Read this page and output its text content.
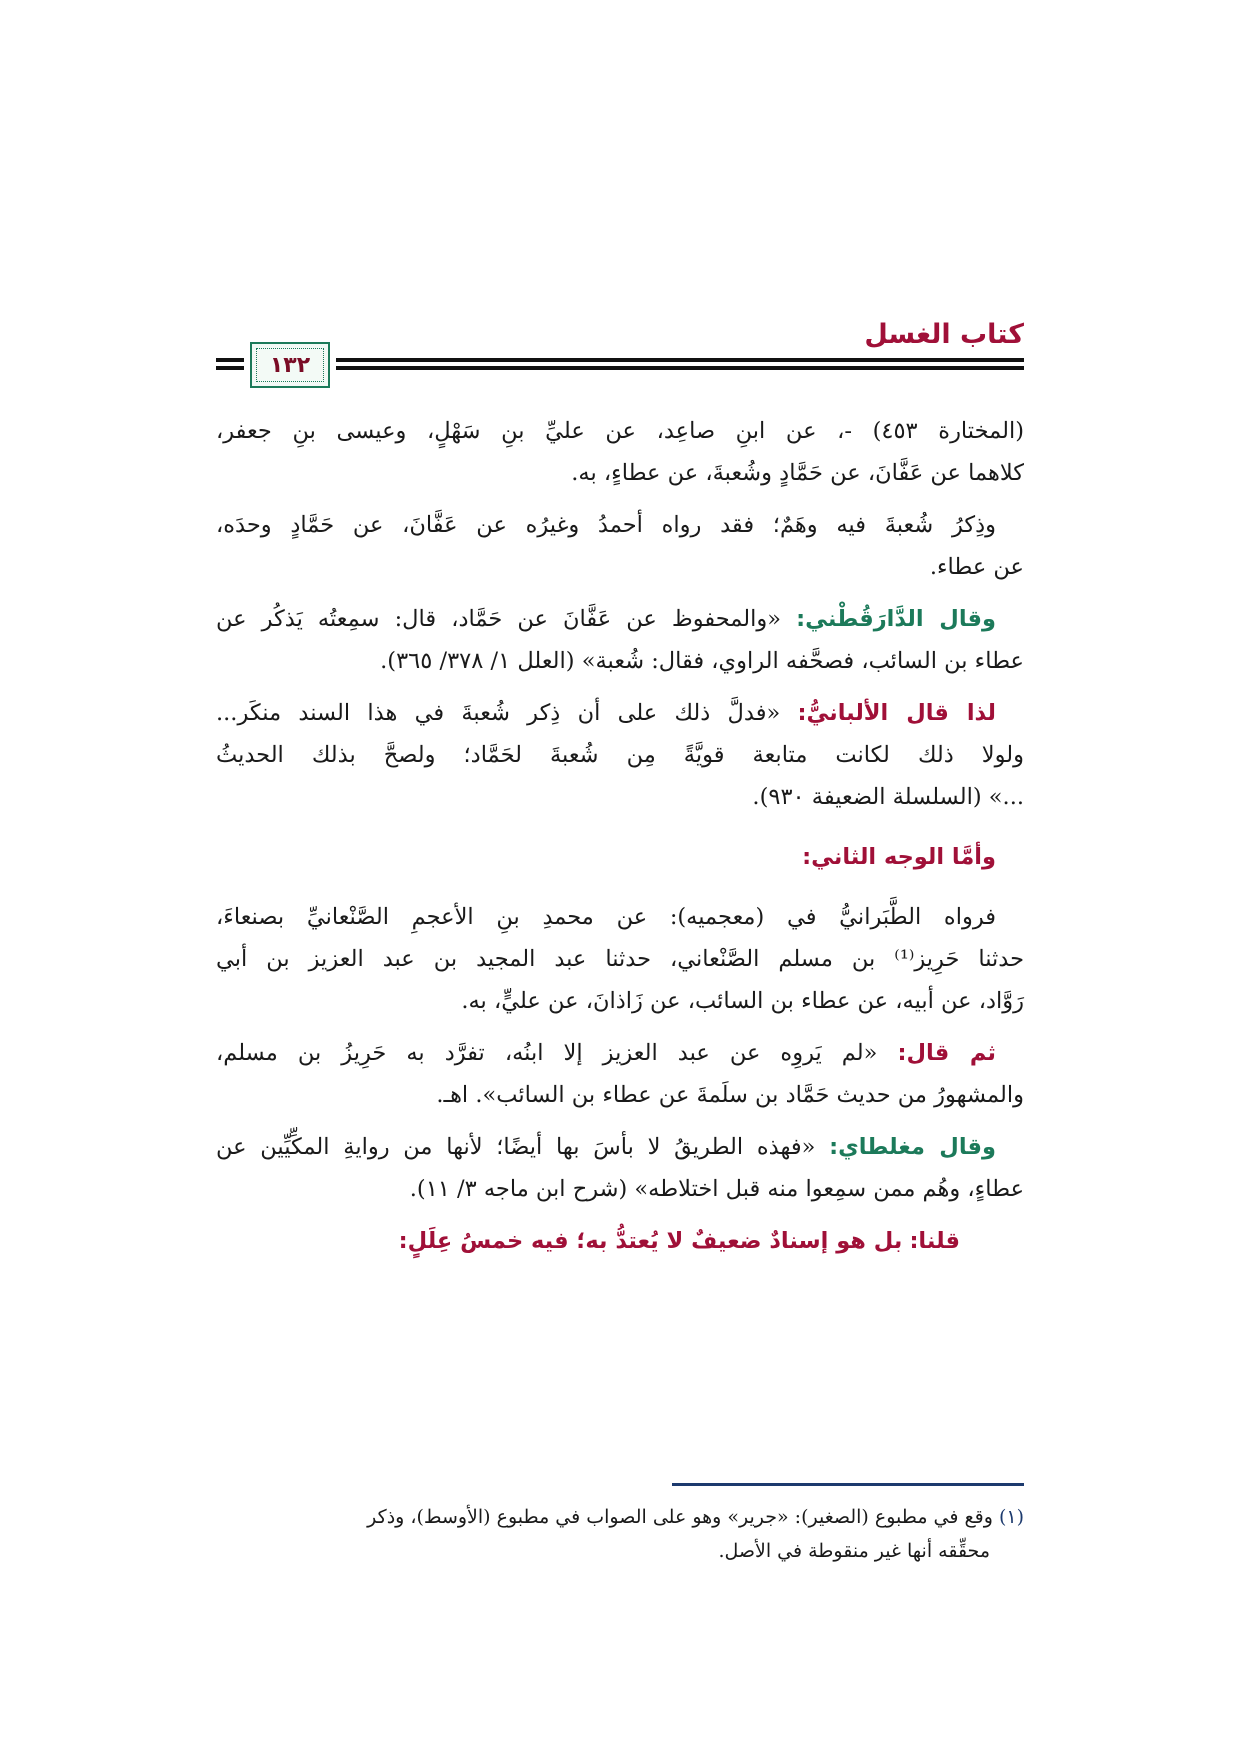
كتاب الغسل
١٣٢
(المختارة ٤٥٣) -، عن ابنِ صاعِد، عن عليِّ بنِ سَهْلٍ، وعيسى بنِ جعفر،
كلاهما عن عَفَّانَ، عن حَمَّادٍ وشُعبةَ، عن عطاءٍ، به.
وذِكرُ شُعبةَ فيه وهَمٌ؛ فقد رواه أحمدُ وغيرُه عن عَفَّانَ، عن حَمَّادٍ وحدَه،
عن عطاء.
وقال الدَّارَقُطْني: «والمحفوظ عن عَفَّانَ عن حَمَّاد، قال: سمِعتُه يَذكُر عن
عطاء بن السائب، فصحَّفه الراوي، فقال: شُعبة» (العلل ١/ ٣٧٨/ ٣٦٥).
لذا قال الألبانيُّ: «فدلَّ ذلك على أن ذِكر شُعبةَ في هذا السند منكَر...
ولولا ذلك لكانت متابعة قويَّةً مِن شُعبةَ لحَمَّاد؛ ولصحَّ بذلك الحديثُ
...» (السلسلة الضعيفة ٩٣٠).
وأمَّا الوجه الثاني:
فرواه الطَّبَرانيُّ في (معجميه): عن محمدِ بنِ الأعجمِ الصَّنْعانيِّ بصنعاءَ،
حدثنا حَرِيز⁽¹⁾ بن مسلم الصَّنْعاني، حدثنا عبد المجيد بن عبد العزيز بن أبي
رَوَّاد، عن أبيه، عن عطاء بن السائب، عن زَاذانَ، عن عليٍّ، به.
ثم قال: «لم يَروِه عن عبد العزيز إلا ابنُه، تفرَّد به حَرِيزُ بن مسلم،
والمشهورُ من حديث حَمَّاد بن سلَمةَ عن عطاء بن السائب». اهـ.
وقال مغلطاي: «فهذه الطريقُ لا بأسَ بها أيضًا؛ لأنها من روايةِ المكِّيِّين عن
عطاءٍ، وهُم ممن سمِعوا منه قبل اختلاطه» (شرح ابن ماجه ٣/ ١١).
قلنا: بل هو إسنادٌ ضعيفٌ لا يُعتدُّ به؛ فيه خمسُ عِلَلٍ:
(١) وقع في مطبوع (الصغير): «جرير» وهو على الصواب في مطبوع (الأوسط)، وذكر
محقِّقه أنها غير منقوطة في الأصل.
